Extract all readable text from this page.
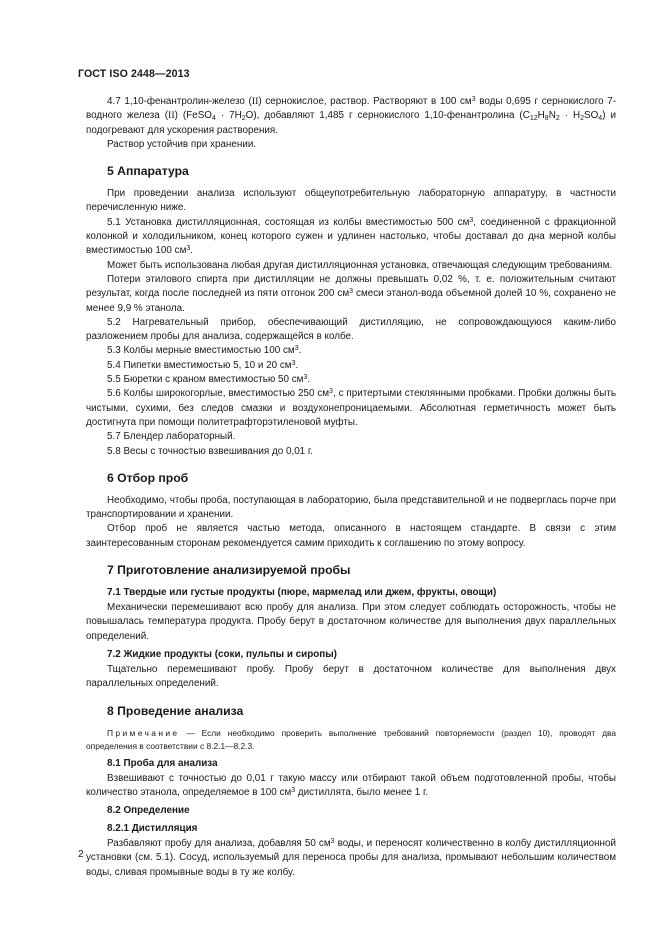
ГОСТ ISO 2448—2013

4.7 1,10-фенантролин-железо (II) сернокислое, раствор. Растворяют в 100 $см^3$ воды 0,695 г сернокислого 7-водного железа (II) (FeSO$_4$ · $7H_2O$), добавляют 1,485 г сернокислого 1,10-фенантролина $(C_{12}H_8N_2 \cdot H_2SO_4)$ и подогревают для ускорения растворения.

Раствор устойчив при хранении.

5 Аппаратура

При проведении анализа используют общеупотребительную лабораторную аппаратуру, в частности перечисленную ниже.

5.1 Установка дистилляционная, состоящая из колбы вместимостью 500 $см^3$, соединенной с фракционной колонкой и холодильником, конец которого сужен и удлинен настолько, чтобы доставал до дна мерной колбы вместимостью 100 $см^3$.

Может быть использована любая другая дистилляционная установка, отвечающая следующим требованиям.

Потери этилового спирта при дистилляции не должны превышать 0,02 %, т. е. положительным считают результат, когда после последней из пяти отгонок 200 $см^3$ смеси этанол-вода объемной долей 10 %, сохранено не менее 9,9 % этанола.

5.2 Нагревательный прибор, обеспечивающий дистилляцию, не сопровождающуюся каким-либо разложением пробы для анализа, содержащейся в колбе.

5.3 Колбы мерные вместимостью 100 $см^3$.

5.4 Пипетки вместимостью 5, 10 и 20 $см^3$.

5.5 Бюретки с краном вместимостью 50 $см^3$.

5.6 Колбы широкогорлые, вместимостью 250 $см^3$, с притертыми стеклянными пробками. Пробки должны быть чистыми, сухими, без следов смазки и воздухонепроницаемыми. Абсолютная герметичность может быть достигнута при помощи политетрафторэтиленовой муфты.

5.7 Блендер лабораторный.

5.8 Весы с точностью взвешивания до 0,01 г.

6 Отбор проб

Необходимо, чтобы проба, поступающая в лабораторию, была представительной и не подверглась порче при транспортировании и хранении.

Отбор проб не является частью метода, описанного в настоящем стандарте. В связи с этим заинтересованным сторонам рекомендуется самим приходить к соглашению по этому вопросу.

7 Приготовление анализируемой пробы
7.1 Твердые или густые продукты (пюре, мармелад или джем, фрукты, овощи)

Механически перемешивают всю пробу для анализа. При этом следует соблюдать осторожность, чтобы не повышалась температура продукта. Пробу берут в достаточном количестве для выполнения двух параллельных определений.

7.2 Жидкие продукты (соки, пульпы и сиропы)

Тщательно перемешивают пробу. Пробу берут в достаточном количестве для выполнения двух параллельных определений.

8 Проведение анализа

Примечание — Если необходимо проверить выполнение требований повторяемости (раздел 10), проводят два определения в соответствии с 8.2.1—8.2.3.

8.1 Проба для анализа

Взвешивают с точностью до 0,01 г такую массу или отбирают такой объем подготовленной пробы, чтобы количество этанола, определяемое в 100 $см^3$ дистиллята, было менее 1 г.

8.2 Определение
8.2.1 Дистилляция

Разбавляют пробу для анализа, добавляя 50 $см^3$ воды, и переносят количественно в колбу дистилляционной установки (см. 5.1). Сосуд, используемый для переноса пробы для анализа, промывают небольшим количеством воды, сливая промывные воды в ту же колбу.

2
